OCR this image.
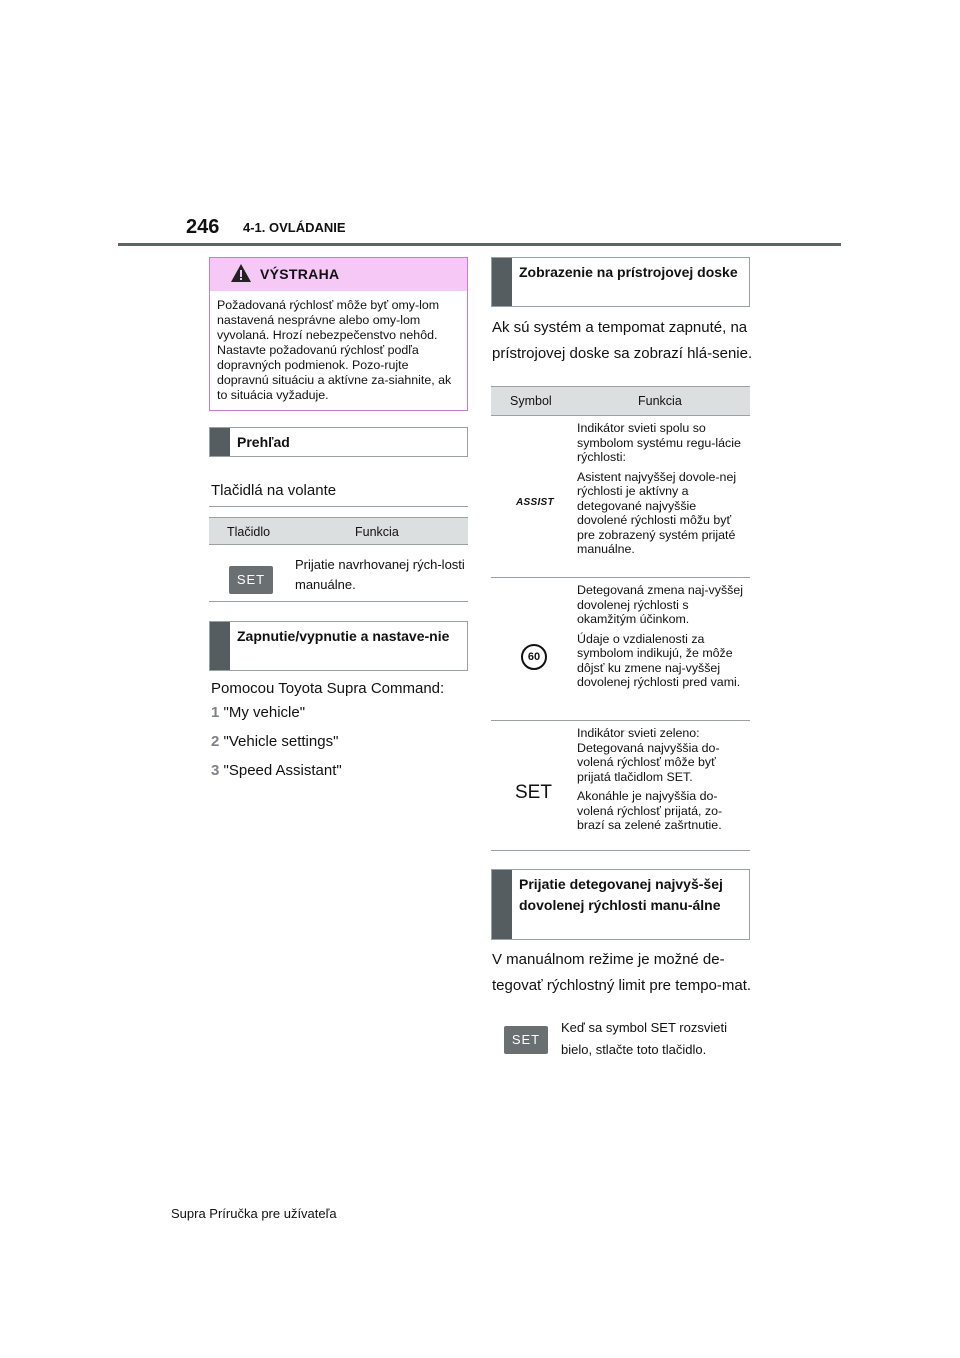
246 4-1. OVLÁDANIE
VÝSTRAHA
Požadovaná rýchlosť môže byť omy-lom nastavená nesprávne alebo omy-lom vyvolaná. Hrozí nebezpečenstvo nehôd. Nastavte požadovanú rýchlosť podľa dopravných podmienok. Pozo-rujte dopravnú situáciu a aktívne za-siahnite, ak to situácia vyžaduje.
Prehľad
Tlačidlá na volante
Tlačidlo	Funkcia
SET
Prijatie navrhovanej rých-losti manuálne.
Zapnutie/vypnutie a nastave-nie
Pomocou Toyota Supra Command:
1 "My vehicle"
2 "Vehicle settings"
3 "Speed Assistant"
Zobrazenie na prístrojovej doske
Ak sú systém a tempomat zapnuté, na prístrojovej doske sa zobrazí hlá-senie.
Symbol	Funkcia
ASSIST

Indikátor svieti spolu so symbolom systému regu-lácie rýchlosti:

Asistent najvyššej dovole-nej rýchlosti je aktívny a detegované najvyššie dovolené rýchlosti môžu byť pre zobrazený systém prijaté manuálne.

60

Detegovaná zmena naj-vyššej dovolenej rýchlosti s okamžitým účinkom.

Údaje o vzdialenosti za symbolom indikujú, že môže dôjsť ku zmene naj-vyššej dovolenej rýchlosti pred vami.

SET

Indikátor svieti zeleno: Detegovaná najvyššia do-volená rýchlosť môže byť prijatá tlačidlom SET.

Akonáhle je najvyššia do-volená rýchlosť prijatá, zo-brazí sa zelené zašrtnutie.

Prijatie detegovanej najvyš-šej dovolenej rýchlosti manu-álne
V manuálnom režime je možné de-tegovať rýchlostný limit pre tempo-mat.
SET
Keď sa symbol SET rozsvieti bielo, stlačte toto tlačidlo.
Supra Príručka pre užívateľa
